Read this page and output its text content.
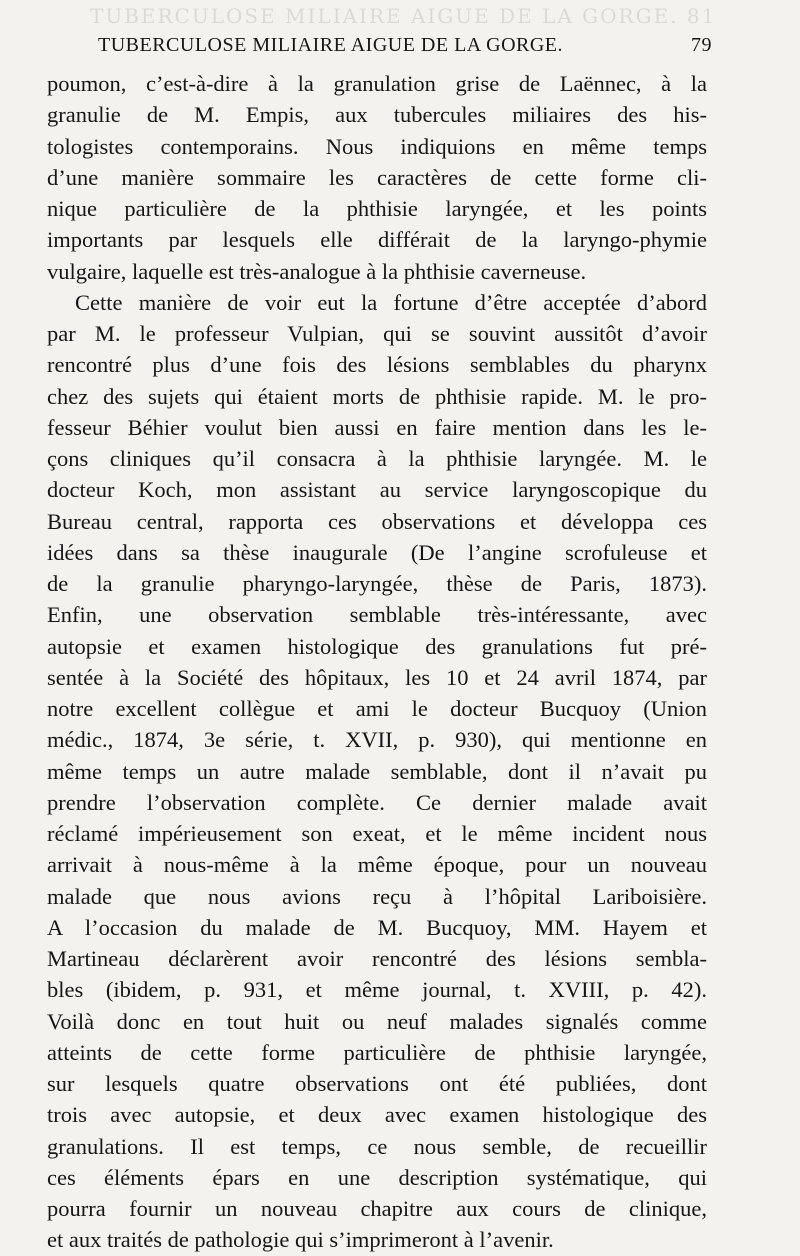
TUBERCULOSE MILIAIRE AIGUE DE LA GORGE. 81
TUBERCULOSE MILIAIRE AIGUE DE LA GORGE.	79
poumon, c’est-à-dire à la granulation grise de Laënnec, à la
granulie de M. Empis, aux tubercules miliaires des his-
tologistes contemporains. Nous indiquions en même temps
d’une manière sommaire les caractères de cette forme cli-
nique particulière de la phthisie laryngée, et les points
importants par lesquels elle différait de la laryngo-phymie
vulgaire, laquelle est très-analogue à la phthisie caverneuse.
Cette manière de voir eut la fortune d’être acceptée d’abord
par M. le professeur Vulpian, qui se souvint aussitôt d’avoir
rencontré plus d’une fois des lésions semblables du pharynx
chez des sujets qui étaient morts de phthisie rapide. M. le pro-
fesseur Béhier voulut bien aussi en faire mention dans les le-
çons cliniques qu’il consacra à la phthisie laryngée. M. le
docteur Koch, mon assistant au service laryngoscopique du
Bureau central, rapporta ces observations et développa ces
idées dans sa thèse inaugurale (De l’angine scrofuleuse et
de la granulie pharyngo-laryngée, thèse de Paris, 1873).
Enfin, une observation semblable très-intéressante, avec
autopsie et examen histologique des granulations fut pré-
sentée à la Société des hôpitaux, les 10 et 24 avril 1874, par
notre excellent collègue et ami le docteur Bucquoy (Union
médic., 1874, 3e série, t. XVII, p. 930), qui mentionne en
même temps un autre malade semblable, dont il n’avait pu
prendre l’observation complète. Ce dernier malade avait
réclamé impérieusement son exeat, et le même incident nous
arrivait à nous-même à la même époque, pour un nouveau
malade que nous avions reçu à l’hôpital Lariboisière.
A l’occasion du malade de M. Bucquoy, MM. Hayem et
Martineau déclarèrent avoir rencontré des lésions sembla-
bles (ibidem, p. 931, et même journal, t. XVIII, p. 42).
Voilà donc en tout huit ou neuf malades signalés comme
atteints de cette forme particulière de phthisie laryngée,
sur lesquels quatre observations ont été publiées, dont
trois avec autopsie, et deux avec examen histologique des
granulations. Il est temps, ce nous semble, de recueillir
ces éléments épars en une description systématique, qui
pourra fournir un nouveau chapitre aux cours de clinique,
et aux traités de pathologie qui s’imprimeront à l’avenir.
